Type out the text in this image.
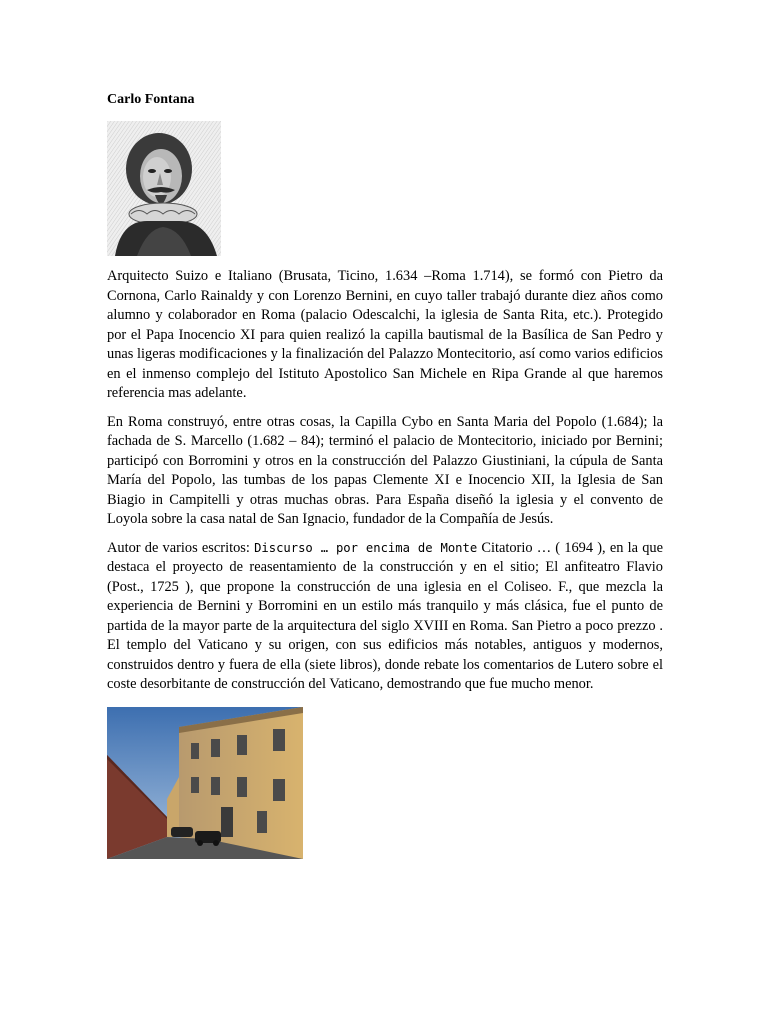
Carlo Fontana

Arquitecto Suizo e Italiano (Brusata, Ticino, 1.634 –Roma 1.714), se formó con Pietro da Cornona, Carlo Rainaldy y con Lorenzo Bernini, en cuyo taller trabajó durante diez años como alumno y colaborador en Roma (palacio Odescalchi, la iglesia de Santa Rita, etc.). Protegido por el Papa Inocencio XI para quien realizó la capilla bautismal de la Basílica de San Pedro y unas ligeras modificaciones y la finalización del Palazzo Montecitorio, así como varios edificios en el inmenso complejo del Istituto Apostolico San Michele en Ripa Grande al que haremos referencia mas adelante.

En Roma construyó, entre otras cosas, la Capilla Cybo en Santa Maria del Popolo (1.684); la fachada de S. Marcello (1.682 – 84); terminó el palacio de Montecitorio, iniciado por Bernini; participó con Borromini y otros en la construcción del Palazzo Giustiniani, la cúpula de Santa María del Popolo, las tumbas de los papas Clemente XI e Inocencio XII, la Iglesia de San Biagio in Campitelli y otras muchas obras. Para España diseñó la iglesia y el convento de Loyola sobre la casa natal de San Ignacio, fundador de la Compañía de Jesús.

Autor de varios escritos: Discurso … por encima de Monte Citatorio … ( 1694 ), en la que destaca el proyecto de reasentamiento de la construcción y en el sitio; El anfiteatro Flavio (Post., 1725 ), que propone la construcción de una iglesia en el Coliseo. F., que mezcla la experiencia de Bernini y Borromini en un estilo más tranquilo y más clásica, fue el punto de partida de la mayor parte de la arquitectura del siglo XVIII en Roma. San Pietro a poco prezzo . El templo del Vaticano y su origen, con sus edificios más notables, antiguos y modernos, construidos dentro y fuera de ella (siete libros), donde rebate los comentarios de Lutero sobre el coste desorbitante de construcción del Vaticano, demostrando que fue mucho menor.
